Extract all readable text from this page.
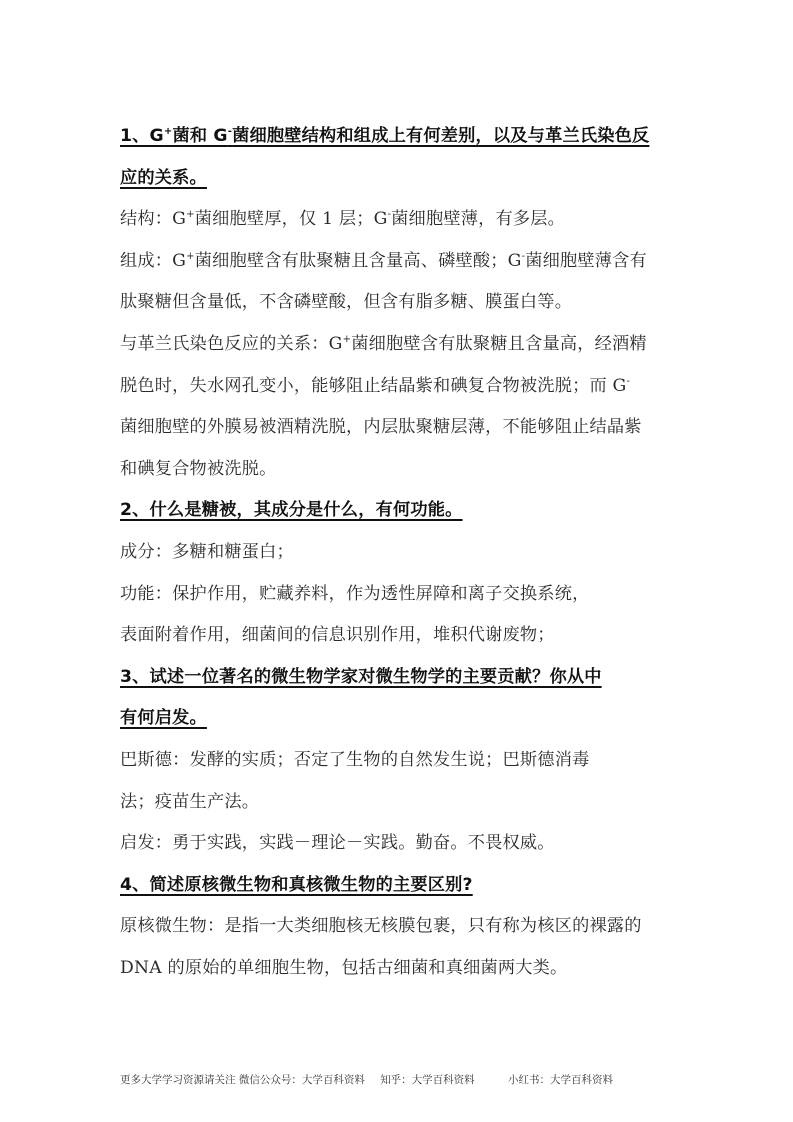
1、G+菌和 G-菌细胞壁结构和组成上有何差别，以及与革兰氏染色反
应的关系。
结构：G+菌细胞壁厚，仅 1 层；G-菌细胞壁薄，有多层。
组成：G+菌细胞壁含有肽聚糖且含量高、磷壁酸；G-菌细胞壁薄含有
肽聚糖但含量低，不含磷壁酸，但含有脂多糖、膜蛋白等。
与革兰氏染色反应的关系：G+菌细胞壁含有肽聚糖且含量高，经酒精
脱色时，失水网孔变小，能够阻止结晶紫和碘复合物被洗脱；而 G-
菌细胞壁的外膜易被酒精洗脱，内层肽聚糖层薄，不能够阻止结晶紫
和碘复合物被洗脱。
2、什么是糖被，其成分是什么，有何功能。
成分：多糖和糖蛋白；
功能：保护作用，贮藏养料，作为透性屏障和离子交换系统，
表面附着作用，细菌间的信息识别作用，堆积代谢废物；
3、试述一位著名的微生物学家对微生物学的主要贡献？你从中
有何启发。
巴斯德：发酵的实质；否定了生物的自然发生说；巴斯德消毒
法；疫苗生产法。
启发：勇于实践，实践－理论－实践。勤奋。不畏权威。
4、简述原核微生物和真核微生物的主要区别?
原核微生物：是指一大类细胞核无核膜包裹，只有称为核区的裸露的
DNA 的原始的单细胞生物，包括古细菌和真细菌两大类。
更多大学学习资源请关注 微信公众号：大学百科资料 知乎：大学百科资料	小红书：大学百科资料
